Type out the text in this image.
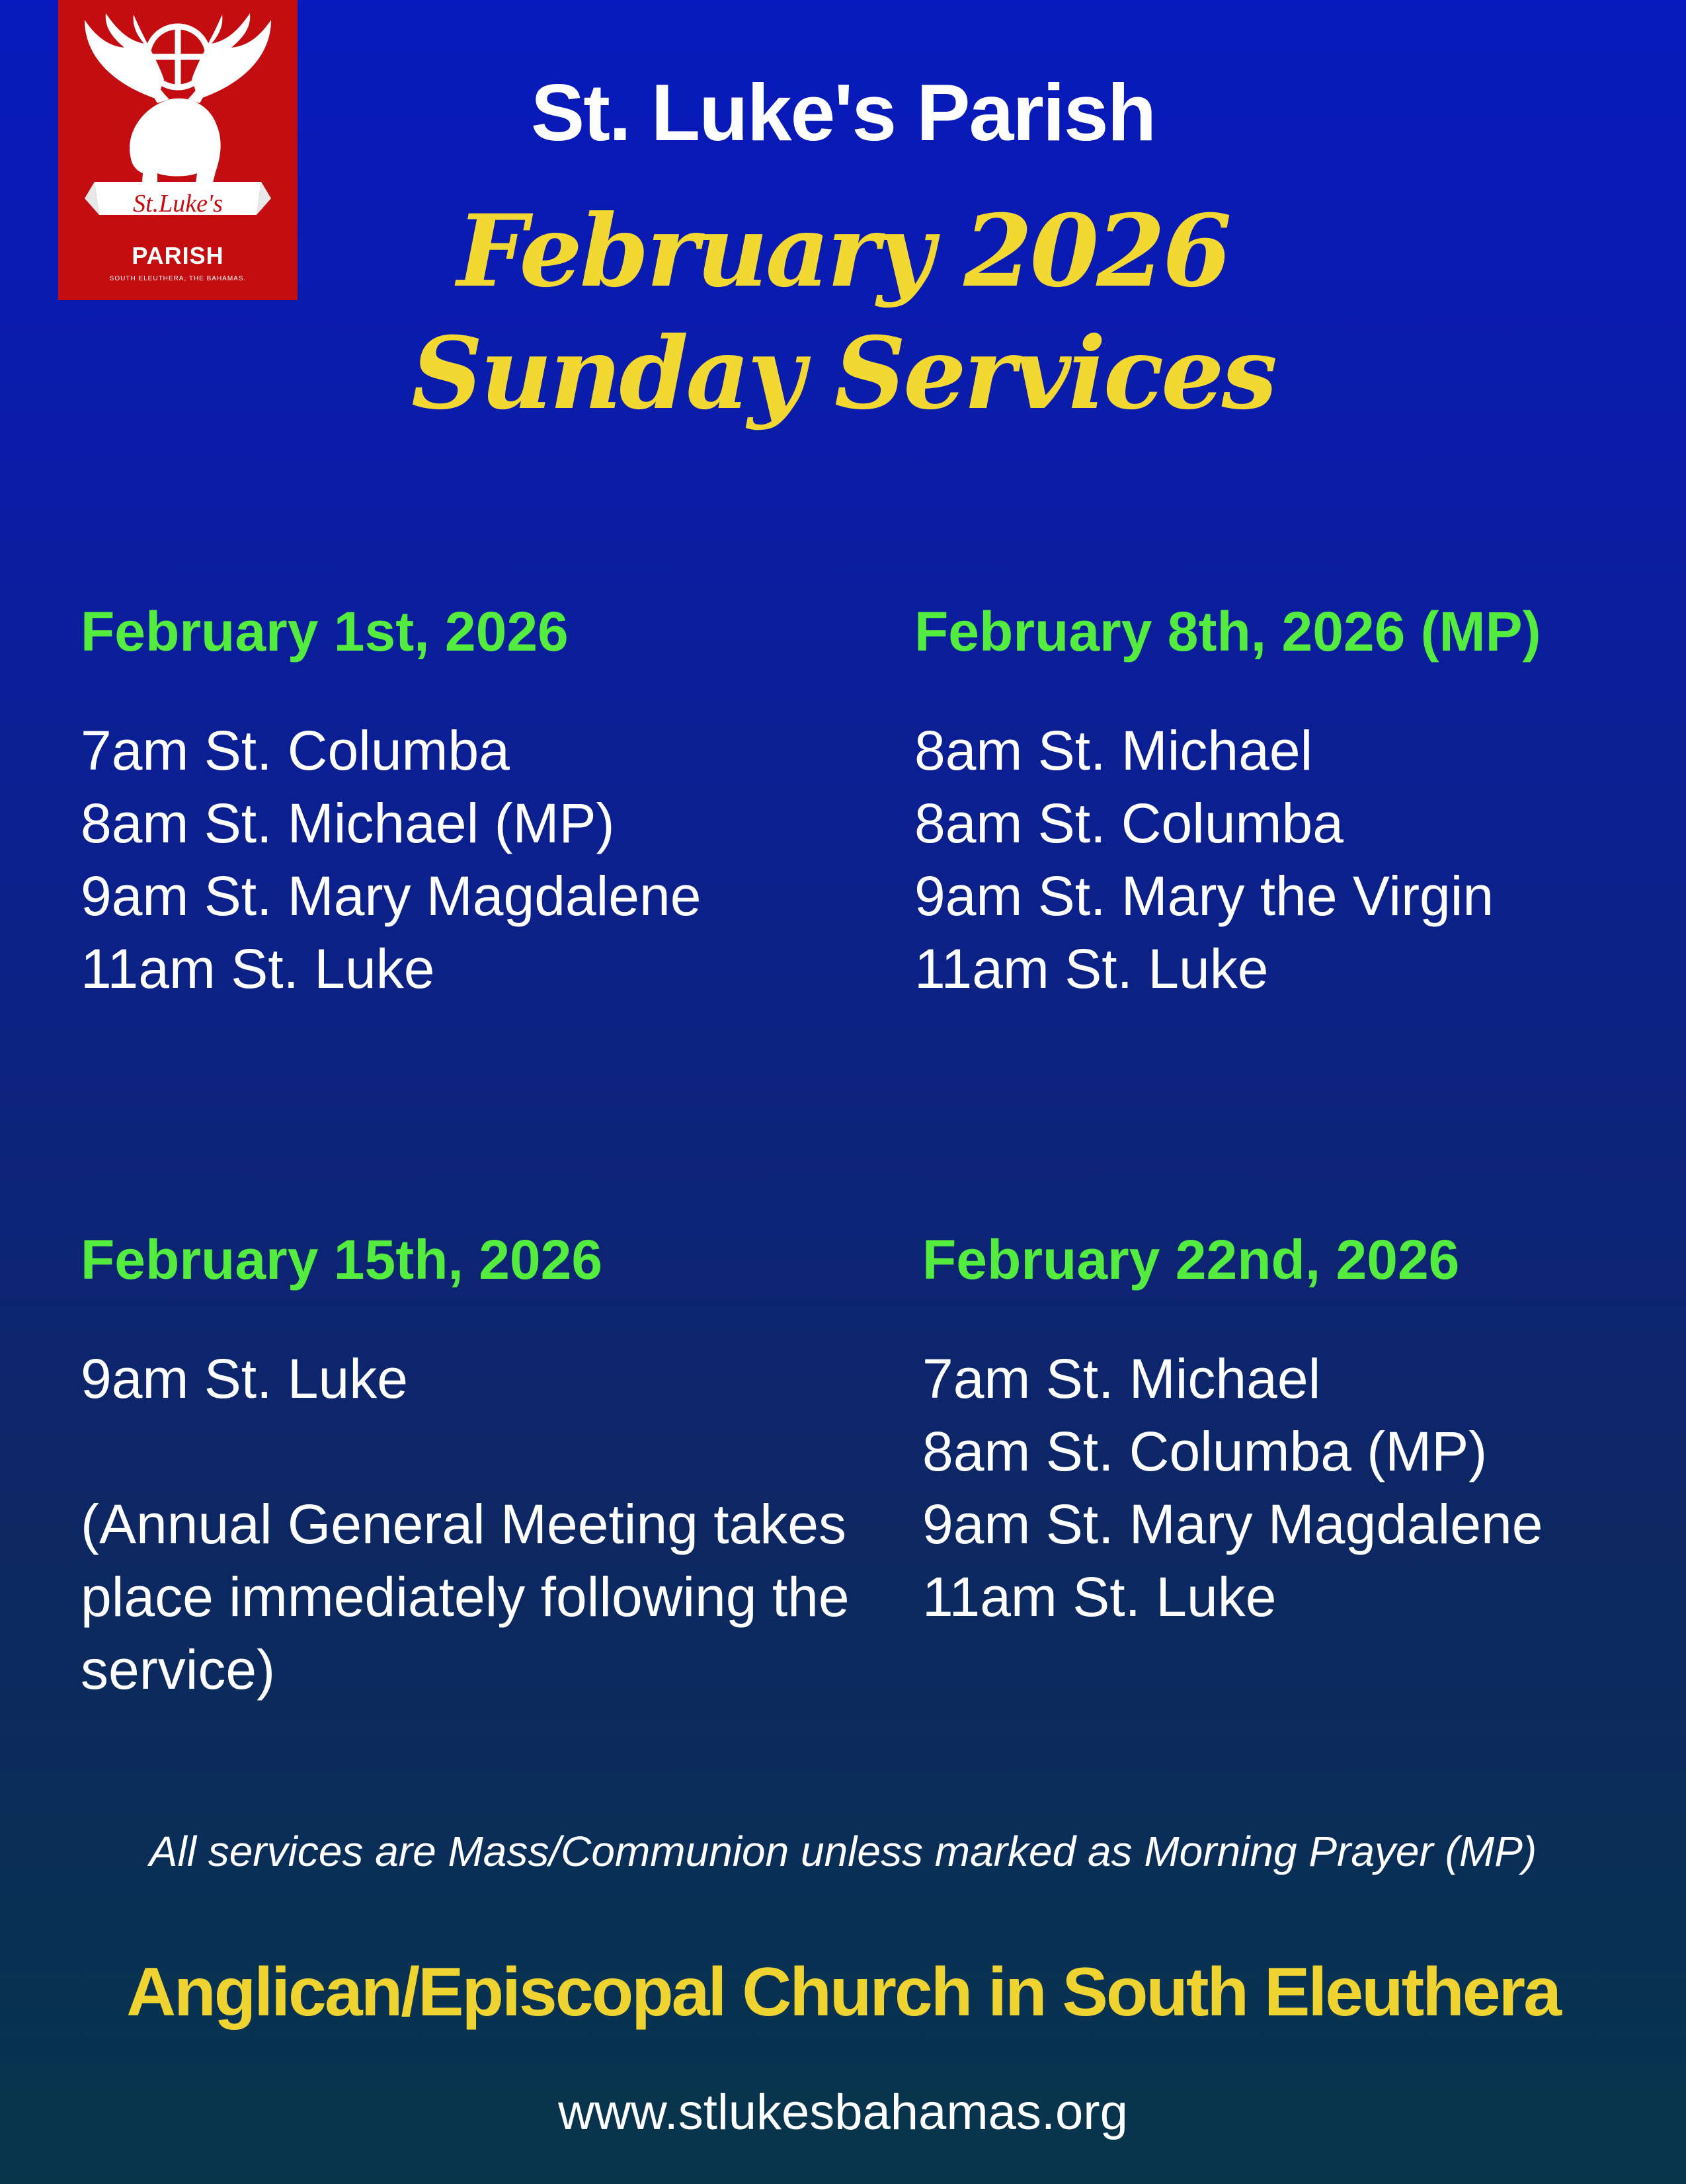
St.Luke's
PARISH
SOUTH ELEUTHERA, THE BAHAMAS.
St. Luke's Parish
February 2026
Sunday Services
February 1st, 2026
7am St. Columba
8am St. Michael (MP)
9am St. Mary Magdalene
11am St. Luke
February 8th, 2026 (MP)
8am St. Michael
8am St. Columba
9am St. Mary the Virgin
11am St. Luke
February 15th, 2026
9am St. Luke
(Annual General Meeting takes place immediately following the service)
February 22nd, 2026
7am St. Michael
8am St. Columba (MP)
9am St. Mary Magdalene
11am St. Luke
All services are Mass/Communion unless marked as Morning Prayer (MP)
Anglican/Episcopal Church in South Eleuthera
www.stlukesbahamas.org
